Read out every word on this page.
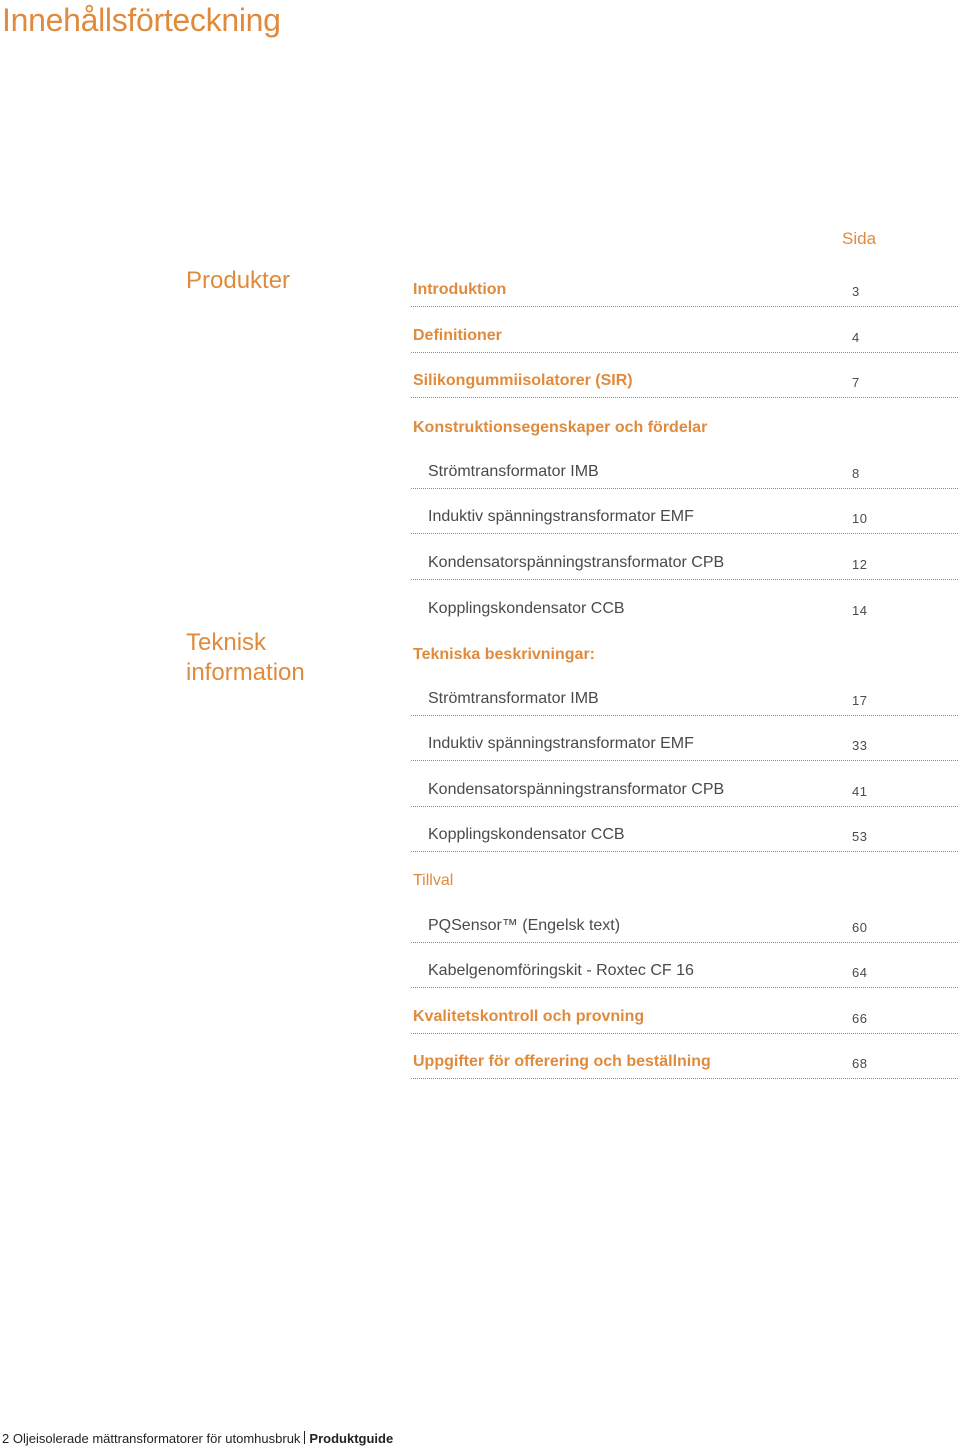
Innehållsförteckning
Sida
Produkter
Teknisk
information
Introduktion	3
Definitioner	4
Silikongummiisolatorer (SIR)	7
Konstruktionsegenskaper och fördelar
Strömtransformator IMB	8
Induktiv spänningstransformator EMF	10
Kondensatorspänningstransformator CPB	12
Kopplingskondensator CCB	14
Tekniska beskrivningar:
Strömtransformator IMB	17
Induktiv spänningstransformator EMF	33
Kondensatorspänningstransformator CPB	41
Kopplingskondensator CCB	53
Tillval
PQSensor™ (Engelsk text)	60
Kabelgenomföringskit - Roxtec CF 16	64
Kvalitetskontroll och provning	66
Uppgifter för offerering och beställning	68
2 Oljeisolerade mättransformatorer för utomhusbruk Produktguide
